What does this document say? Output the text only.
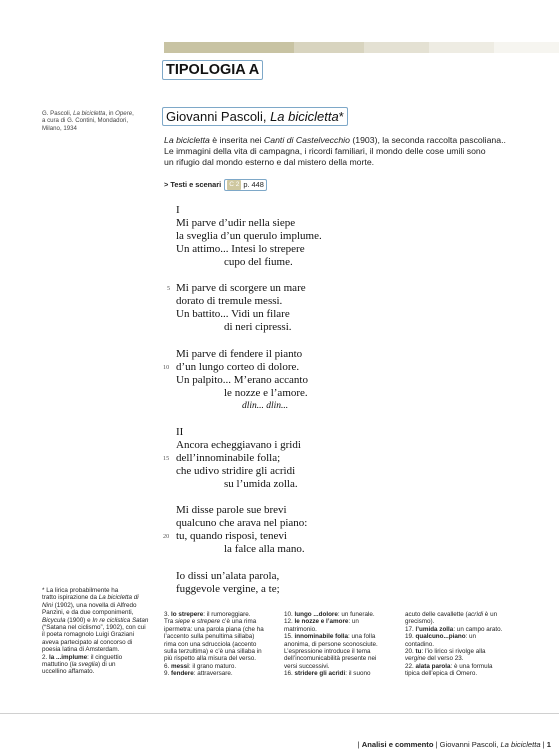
TIPOLOGIA A
G. Pascoli, La bicicletta, in Opere,
a cura di G. Contini, Mondadori,
Milano, 1934
Giovanni Pascoli, La bicicletta*
La bicicletta è inserita nei Canti di Castelvecchio (1903), la seconda raccolta pascoliana..
Le immagini della vita di campagna, i ricordi familiari, il mondo delle cose umili sono
un rifugio dal mondo esterno e dal mistero della morte.
> Testi e scenari	C 2 p. 448
I
Mi parve d’udir nella siepe
la sveglia d’un querulo implume.
Un attimo... Intesi lo strepere
cupo del fiume.
Mi parve di scorgere un mare
5
dorato di tremule messi.
Un battito... Vidi un filare
di neri cipressi.
Mi parve di fendere il pianto
d’un lungo corteo di dolore.
10
Un palpito... M’erano accanto
le nozze e l’amore.
dlin... dlin...
II
Ancora echeggiavano i gridi
dell’innominabile folla;
15
che udivo stridire gli acrìdi
su l’umida zolla.
Mi disse parole sue brevi
qualcuno che arava nel piano:
tu, quando risposi, tenevi
20
la falce alla mano.
Io dissi un’alata parola,
fuggevole vergine, a te;
* La lirica probabilmente ha
tratto ispirazione da La bicicletta di
Nini (1902), una novella di Alfredo
Panzini, e da due componimenti,
Bicycula (1900) e In re ciclistica Satan
(“Satana nel ciclismo”, 1902), con cui
il poeta romagnolo Luigi Graziani
aveva partecipato al concorso di
poesia latina di Amsterdam.
2. la ...implume: il cinguettio
mattutino (la sveglia) di un
uccellino affamato.
3. lo strepere: il rumoreggiare.
Tra siepe e strepere c’è una rima
ipermetra: una parola piana (che ha
l’accento sulla penultima sillaba)
rima con una sdrucciola (accento
sulla terzultima) e c’è una sillaba in
più rispetto alla misura del verso.
6. messi: il grano maturo.
9. fendere: attraversare.
10. lungo ...dolore: un funerale.
12. le nozze e l’amore: un
matrimonio.
15. innominabile folla: una folla
anonima, di persone sconosciute.
L’espressione introduce il tema
dell’incomunicabilità presente nei
versi successivi.
16. stridere gli acrìdi: il suono
acuto delle cavallette (acrìdi è un
grecismo).
17. l’umida zolla: un campo arato.
19. qualcuno...piano: un
contadino.
20. tu: l’io lirico si rivolge alla
vergine del verso 23.
22. alata parola: è una formula
tipica dell’epica di Omero.
| Analisi e commento | Giovanni Pascoli, La bicicletta | 1
